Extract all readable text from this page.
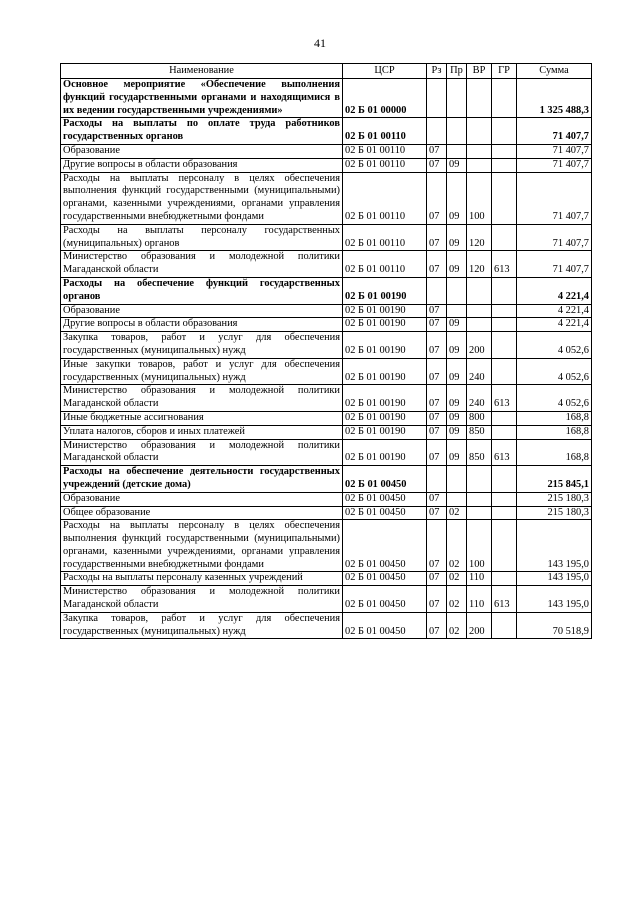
41
Наименование	ЦСР	Рз	Пр	ВР	ГР	Сумма
Основное мероприятие «Обеспечение выполнения функций государственными органами и находящимися в их ведении государственными учреждениями»	02 Б 01 00000					1 325 488,3
Расходы на выплаты по оплате труда работников государственных органов	02 Б 01 00110					71 407,7
Образование	02 Б 01 00110	07				71 407,7
Другие вопросы в области образования	02 Б 01 00110	07	09			71 407,7
Расходы на выплаты персоналу в целях обеспечения выполнения функций государственными (муниципальными) органами, казенными учреждениями, органами управления государственными внебюджетными фондами	02 Б 01 00110	07	09	100		71 407,7
Расходы на выплаты персоналу государственных (муниципальных) органов	02 Б 01 00110	07	09	120		71 407,7
Министерство образования и молодежной политики Магаданской области	02 Б 01 00110	07	09	120	613	71 407,7
Расходы на обеспечение функций государственных органов	02 Б 01 00190					4 221,4
Образование	02 Б 01 00190	07				4 221,4
Другие вопросы в области образования	02 Б 01 00190	07	09			4 221,4
Закупка товаров, работ и услуг для обеспечения государственных (муниципальных) нужд	02 Б 01 00190	07	09	200		4 052,6
Иные закупки товаров, работ и услуг для обеспечения государственных (муниципальных) нужд	02 Б 01 00190	07	09	240		4 052,6
Министерство образования и молодежной политики Магаданской области	02 Б 01 00190	07	09	240	613	4 052,6
Иные бюджетные ассигнования	02 Б 01 00190	07	09	800		168,8
Уплата налогов, сборов и иных платежей	02 Б 01 00190	07	09	850		168,8
Министерство образования и молодежной политики Магаданской области	02 Б 01 00190	07	09	850	613	168,8
Расходы на обеспечение деятельности государственных учреждений (детские дома)	02 Б 01 00450					215 845,1
Образование	02 Б 01 00450	07				215 180,3
Общее образование	02 Б 01 00450	07	02			215 180,3
Расходы на выплаты персоналу в целях обеспечения выполнения функций государственными (муниципальными) органами, казенными учреждениями, органами управления государственными внебюджетными фондами	02 Б 01 00450	07	02	100		143 195,0
Расходы на выплаты персоналу казенных учреждений	02 Б 01 00450	07	02	110		143 195,0
Министерство образования и молодежной политики Магаданской области	02 Б 01 00450	07	02	110	613	143 195,0
Закупка товаров, работ и услуг для обеспечения государственных (муниципальных) нужд	02 Б 01 00450	07	02	200		70 518,9
